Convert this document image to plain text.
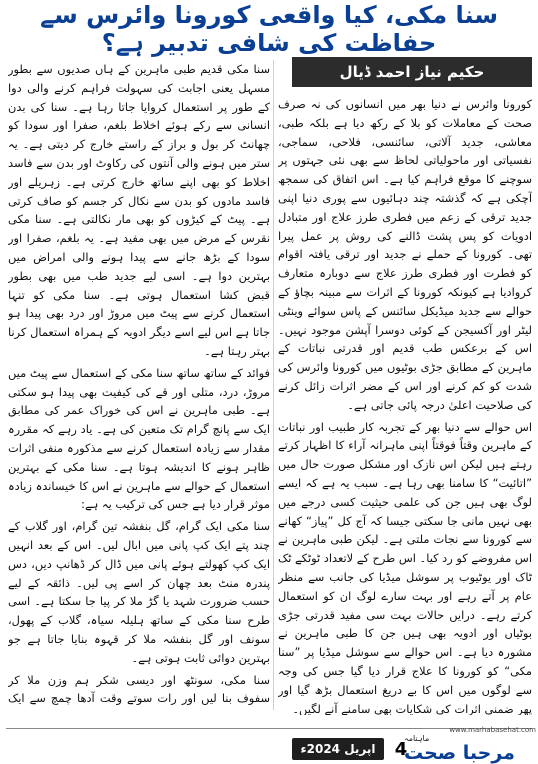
سنا مکی، کیا واقعی کورونا وائرس سے حفاظت کی شافی تدبیر ہے؟
حکیم نیاز احمد ڈیال

کورونا وائرس نے دنیا بھر میں انسانوں کی نہ صرف صحت کے معاملات کو بلا کے رکھ دیا ہے بلکہ طبی، معاشی، جدید آلاتی، سائنسی، فلاحی، سماجی، نفسیاتی اور ماحولیاتی لحاظ سے بھی نئی جہتوں پر سوچنے کا موقع فراہم کیا ہے۔ اس اتفاق کی سمجھ آچکی ہے کہ گذشتہ چند دہائیوں سے پوری دنیا اپنی جدید ترقی کے زعم میں فطری طرز علاج اور متبادل ادویات کو پس پشت ڈالنے کی روش پر عمل پیرا تھی۔ کورونا کے حملے نے جدید اور ترقی یافتہ اقوام کو فطرت اور فطری طرز علاج سے دوبارہ متعارف کروادیا ہے کیونکہ کورونا کے اثرات سے مبینہ بچاؤ کے حوالے سے جدید میڈیکل سائنس کے پاس سوائے وینٹی لیٹر اور آکسیجن کے کوئی دوسرا آپشن موجود نہیں۔ اس کے برعکس طب قدیم اور قدرتی نباتات کے ماہرین کے مطابق جڑی بوٹیوں میں کورونا وائرس کی شدت کو کم کرنے اور اس کے مضر اثرات زائل کرنے کی صلاحیت اعلیٰ درجہ پائی جاتی ہے۔

اس حوالے سے دنیا بھر کے تجربہ کار طبیب اور نباتات کے ماہرین وقتاً فوقتاً اپنی ماہرانہ آراء کا اظہار کرتے رہتے ہیں لیکن اس نازک اور مشکل صورت حال میں ”اتائیت“ کا سامنا بھی رہا ہے۔ سبب یہ ہے کہ ایسے لوگ بھی ہیں جن کی علمی حیثیت کسی درجے میں بھی نہیں مانی جا سکتی جیسا کہ آج کل ”پیاز“ کھانے سے کورونا سے نجات ملتی ہے۔ لیکن طبی ماہرین نے اس مفروضے کو رد کیا۔ اس طرح کے لاتعداد ٹوٹکے ٹک ٹاک اور یوٹیوب پر سوشل میڈیا کی جانب سے منظر عام پر آتے رہے اور بہت سارے لوگ ان کو استعمال کرتے رہے۔ درایں حالات بہت سی مفید قدرتی جڑی بوٹیاں اور ادویہ بھی ہیں جن کا طبی ماہرین نے مشورہ دیا ہے۔ اس حوالے سے سوشل میڈیا پر ”سنا مکی“ کو کورونا کا علاج قرار دیا گیا جس کی وجہ سے لوگوں میں اس کا بے دریغ استعمال بڑھ گیا اور پھر ضمنی اثرات کی شکایات بھی سامنے آنے لگیں۔

سنا مکی قدیم طبی ماہرین کے ہاں صدیوں سے بطور مسہل یعنی اجابت کی سہولت فراہم کرنے والی دوا کے طور پر استعمال کروایا جاتا رہا ہے۔ سنا کی بدن انسانی سے رکے ہوئے اخلاط بلغم، صفرا اور سودا کو چھانٹ کر بول و براز کے راستے خارج کر دیتی ہے۔ یہ ستر میں ہونے والی آنتوں کی رکاوٹ اور بدن سے فاسد اخلاط کو بھی اپنے ساتھ خارج کرتی ہے۔ زہریلے اور فاسد مادوں کو بدن سے نکال کر جسم کو صاف کرتی ہے۔ پیٹ کے کیڑوں کو بھی مار نکالتی ہے۔ سنا مکی نقرس کے مرض میں بھی مفید ہے۔ یہ بلغم، صفرا اور سودا کے بڑھ جانے سے پیدا ہونے والی امراض میں بہترین دوا ہے۔ اسی لیے جدید طب میں بھی بطور قبض کشا استعمال ہوتی ہے۔ سنا مکی کو تنہا استعمال کرنے سے پیٹ میں مروڑ اور درد بھی پیدا ہو جاتا ہے اس لیے اسے دیگر ادویہ کے ہمراہ استعمال کرنا بہتر رہتا ہے۔

فوائد کے ساتھ ساتھ سنا مکی کے استعمال سے پیٹ میں مروڑ، درد، متلی اور قے کی کیفیت بھی پیدا ہو سکتی ہے۔ طبی ماہرین نے اس کی خوراک عمر کی مطابق ایک سے پانچ گرام تک متعین کی ہے۔ یاد رہے کہ مقررہ مقدار سے زیادہ استعمال کرنے سے مذکورہ منفی اثرات ظاہر ہونے کا اندیشہ ہوتا ہے۔ سنا مکی کے بہترین استعمال کے حوالے سے ماہرین نے اس کا خیساندہ زیادہ موثر قرار دیا ہے جس کی ترکیب یہ ہے:

سنا مکی ایک گرام، گل بنفشہ تین گرام، اور گلاب کے چند پتے ایک کپ پانی میں ابال لیں۔ اس کے بعد انہیں ایک کپ کھولتے ہوئے پانی میں ڈال کر ڈھانپ دیں، دس پندرہ منٹ بعد چھان کر اسے پی لیں۔ ذائقہ کے لیے حسب ضرورت شہد یا گڑ ملا کر پیا جا سکتا ہے۔ اسی طرح سنا مکی کے ساتھ ہلیلہ سیاہ، گلاب کے پھول، سونف اور گل بنفشہ ملا کر قہوہ بنایا جاتا ہے جو بہترین دوائی ثابت ہوتی ہے۔

سنا مکی، سونٹھ اور دیسی شکر ہم وزن ملا کر سفوف بنا لیں اور رات سوتے وقت آدھا چمچ سے ایک

www.marhabasehat.com
ماہنامہ
مرحبا صحت
4
اپریل 2024ء
